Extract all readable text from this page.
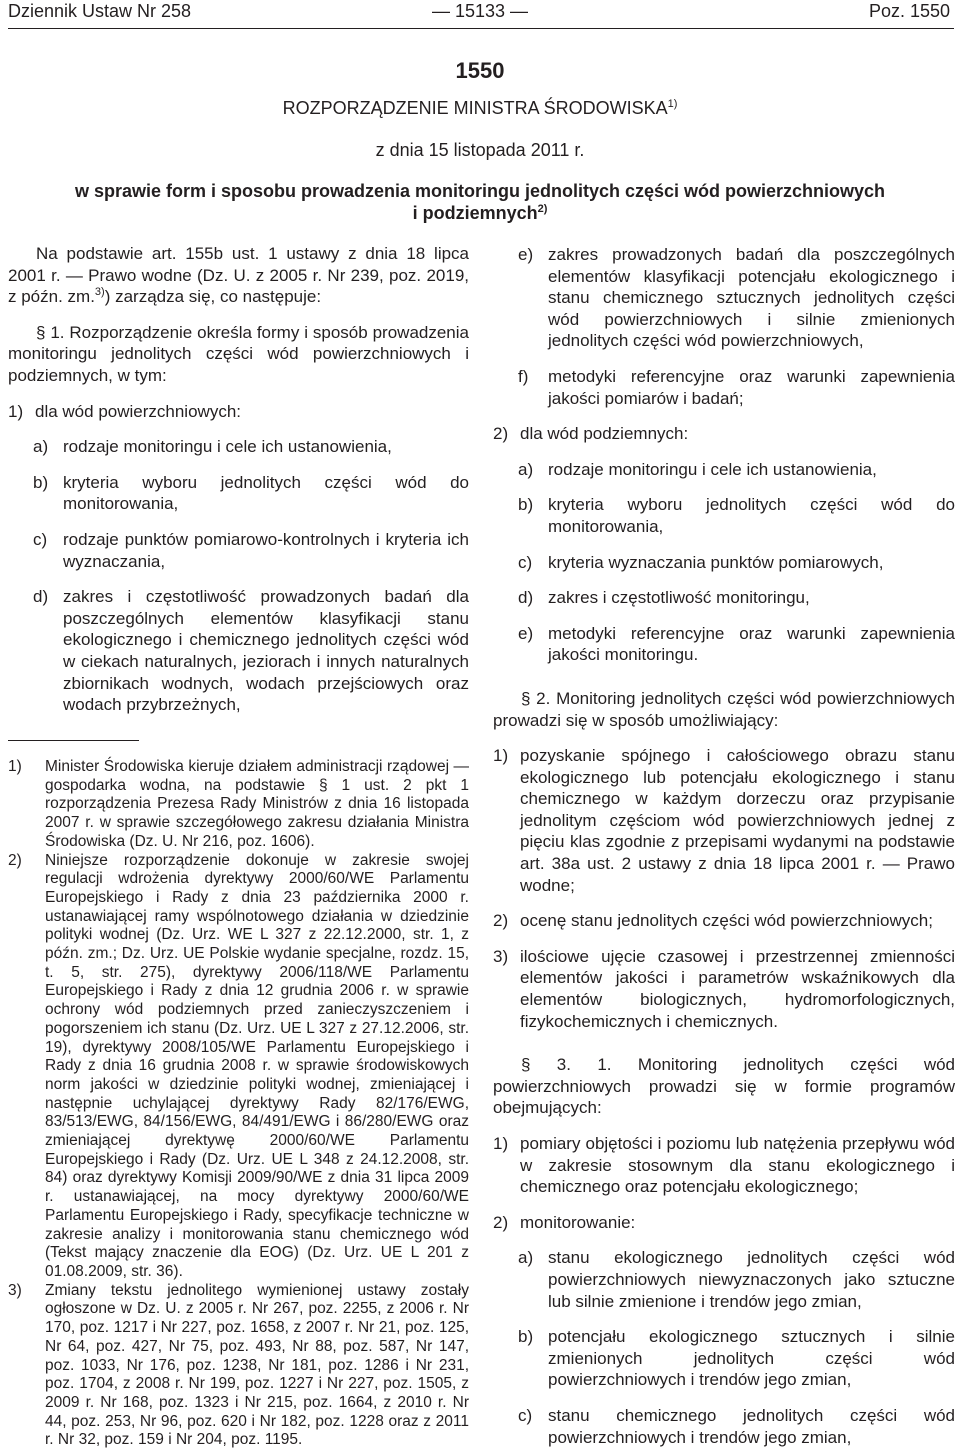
Dziennik Ustaw Nr 258	— 15133 —	Poz. 1550
1550
ROZPORZĄDZENIE MINISTRA ŚRODOWISKA$^{1)}$
z dnia 15 listopada 2011 r.
w sprawie form i sposobu prowadzenia monitoringu jednolitych części wód powierzchniowych
i podziemnych$^{2)}$

Na podstawie art. 155b ust. 1 ustawy z dnia 18 lipca 2001 r. — Prawo wodne (Dz. U. z 2005 r. Nr 239, poz. 2019, z późn. zm.$^{3)}$) zarządza się, co następuje:

§ 1. Rozporządzenie określa formy i sposób prowadzenia monitoringu jednolitych części wód powierzchniowych i podziemnych, w tym:

1) dla wód powierzchniowych:
a) rodzaje monitoringu i cele ich ustanowienia,
b) kryteria wyboru jednolitych części wód do monitorowania,
c) rodzaje punktów pomiarowo-kontrolnych i kryteria ich wyznaczania,
d) zakres i częstotliwość prowadzonych badań dla poszczególnych elementów klasyfikacji stanu ekologicznego i chemicznego jednolitych części wód w ciekach naturalnych, jeziorach i innych naturalnych zbiornikach wodnych, wodach przejściowych oraz wodach przybrzeżnych,
1) Minister Środowiska kieruje działem administracji rządowej — gospodarka wodna, na podstawie § 1 ust. 2 pkt 1 rozporządzenia Prezesa Rady Ministrów z dnia 16 listopada 2007 r. w sprawie szczegółowego zakresu działania Ministra Środowiska (Dz. U. Nr 216, poz. 1606).
2) Niniejsze rozporządzenie dokonuje w zakresie swojej regulacji wdrożenia dyrektywy 2000/60/WE Parlamentu Europejskiego i Rady z dnia 23 października 2000 r. ustanawiającej ramy wspólnotowego działania w dziedzinie polityki wodnej (Dz. Urz. WE L 327 z 22.12.2000, str. 1, z późn. zm.; Dz. Urz. UE Polskie wydanie specjalne, rozdz. 15, t. 5, str. 275), dyrektywy 2006/118/WE Parlamentu Europejskiego i Rady z dnia 12 grudnia 2006 r. w sprawie ochrony wód podziemnych przed zanieczyszczeniem i pogorszeniem ich stanu (Dz. Urz. UE L 327 z 27.12.2006, str. 19), dyrektywy 2008/105/WE Parlamentu Europejskiego i Rady z dnia 16 grudnia 2008 r. w sprawie środowiskowych norm jakości w dziedzinie polityki wodnej, zmieniającej i następnie uchylającej dyrektywy Rady 82/176/EWG, 83/513/EWG, 84/156/EWG, 84/491/EWG i 86/280/EWG oraz zmieniającej dyrektywę 2000/60/WE Parlamentu Europejskiego i Rady (Dz. Urz. UE L 348 z 24.12.2008, str. 84) oraz dyrektywy Komisji 2009/90/WE z dnia 31 lipca 2009 r. ustanawiającej, na mocy dyrektywy 2000/60/WE Parlamentu Europejskiego i Rady, specyfikacje techniczne w zakresie analizy i monitorowania stanu chemicznego wód (Tekst mający znaczenie dla EOG) (Dz. Urz. UE L 201 z 01.08.2009, str. 36).
3) Zmiany tekstu jednolitego wymienionej ustawy zostały ogłoszone w Dz. U. z 2005 r. Nr 267, poz. 2255, z 2006 r. Nr 170, poz. 1217 i Nr 227, poz. 1658, z 2007 r. Nr 21, poz. 125, Nr 64, poz. 427, Nr 75, poz. 493, Nr 88, poz. 587, Nr 147, poz. 1033, Nr 176, poz. 1238, Nr 181, poz. 1286 i Nr 231, poz. 1704, z 2008 r. Nr 199, poz. 1227 i Nr 227, poz. 1505, z 2009 r. Nr 168, poz. 1323 i Nr 215, poz. 1664, z 2010 r. Nr 44, poz. 253, Nr 96, poz. 620 i Nr 182, poz. 1228 oraz z 2011 r. Nr 32, poz. 159 i Nr 204, poz. 1195.
e) zakres prowadzonych badań dla poszczególnych elementów klasyfikacji potencjału ekologicznego i stanu chemicznego sztucznych jednolitych części wód powierzchniowych i silnie zmienionych jednolitych części wód powierzchniowych,
f) metodyki referencyjne oraz warunki zapewnienia jakości pomiarów i badań;
2) dla wód podziemnych:
a) rodzaje monitoringu i cele ich ustanowienia,
b) kryteria wyboru jednolitych części wód do monitorowania,
c) kryteria wyznaczania punktów pomiarowych,
d) zakres i częstotliwość monitoringu,
e) metodyki referencyjne oraz warunki zapewnienia jakości monitoringu.

§ 2. Monitoring jednolitych części wód powierzchniowych prowadzi się w sposób umożliwiający:

1) pozyskanie spójnego i całościowego obrazu stanu ekologicznego lub potencjału ekologicznego i stanu chemicznego w każdym dorzeczu oraz przypisanie jednolitym częściom wód powierzchniowych jednej z pięciu klas zgodnie z przepisami wydanymi na podstawie art. 38a ust. 2 ustawy z dnia 18 lipca 2001 r. — Prawo wodne;
2) ocenę stanu jednolitych części wód powierzchniowych;
3) ilościowe ujęcie czasowej i przestrzennej zmienności elementów jakości i parametrów wskaźnikowych dla elementów biologicznych, hydromorfologicznych, fizykochemicznych i chemicznych.

§ 3. 1. Monitoring jednolitych części wód powierzchniowych prowadzi się w formie programów obejmujących:

1) pomiary objętości i poziomu lub natężenia przepływu wód w zakresie stosownym dla stanu ekologicznego i chemicznego oraz potencjału ekologicznego;
2) monitorowanie:
a) stanu ekologicznego jednolitych części wód powierzchniowych niewyznaczonych jako sztuczne lub silnie zmienione i trendów jego zmian,
b) potencjału ekologicznego sztucznych i silnie zmienionych jednolitych części wód powierzchniowych i trendów jego zmian,
c) stanu chemicznego jednolitych części wód powierzchniowych i trendów jego zmian,
